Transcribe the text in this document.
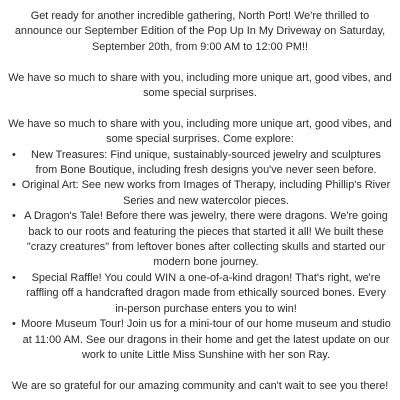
Get ready for another incredible gathering, North Port! We're thrilled to announce our September Edition of the Pop Up In My Driveway on Saturday, September 20th, from 9:00 AM to 12:00 PM!!

We have so much to share with you, including more unique art, good vibes, and some special surprises.

We have so much to share with you, including more unique art, good vibes, and some special surprises. Come explore:

• New Treasures: Find unique, sustainably-sourced jewelry and sculptures from Bone Boutique, including fresh designs you've never seen before.
• Original Art: See new works from Images of Therapy, including Phillip's River Series and new watercolor pieces.
• A Dragon's Tale! Before there was jewelry, there were dragons. We're going back to our roots and featuring the pieces that started it all! We built these "crazy creatures" from leftover bones after collecting skulls and started our modern bone journey.
• Special Raffle! You could WIN a one-of-a-kind dragon! That's right, we're raffling off a handcrafted dragon made from ethically sourced bones. Every in-person purchase enters you to win!
• Moore Museum Tour! Join us for a mini-tour of our home museum and studio at 11:00 AM. See our dragons in their home and get the latest update on our work to unite Little Miss Sunshine with her son Ray.

We are so grateful for our amazing community and can't wait to see you there!
